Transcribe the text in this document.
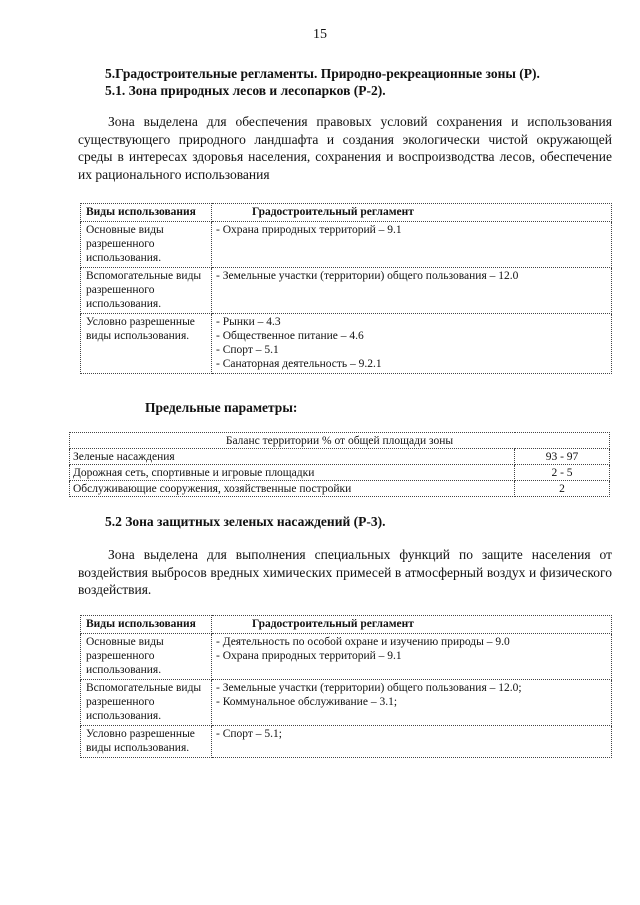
15
5.Градостроительные регламенты. Природно-рекреационные зоны (Р).
5.1. Зона природных лесов и лесопарков (Р-2).
Зона выделена для обеспечения правовых условий сохранения и использования существующего природного ландшафта и создания экологически чистой окружающей среды в интересах здоровья населения, сохранения и воспроизводства лесов, обеспечение их рационального использования
Виды использования	Градостроительный регламент
Основные виды разрешенного использования.	- Охрана природных территорий – 9.1

Вспомогательные виды разрешенного использования.	- Земельные участки (территории) общего пользования – 12.0

Условно разрешенные виды использования.	- Рынки – 4.3
- Общественное питание – 4.6
- Спорт – 5.1
- Санаторная деятельность – 9.2.1
Предельные параметры:
Баланс территории % от общей площади зоны	
Зеленые насаждения	93 - 97
Дорожная сеть, спортивные и игровые площадки	2 - 5
Обслуживающие сооружения, хозяйственные постройки	2
5.2 Зона защитных зеленых насаждений (Р-3).
Зона выделена для выполнения специальных функций по защите населения от воздействия выбросов вредных химических примесей в атмосферный воздух и физического воздействия.
Виды использования	Градостроительный регламент
Основные виды разрешенного использования.	- Деятельность по особой охране и изучению природы – 9.0
- Охрана природных территорий – 9.1

Вспомогательные виды разрешенного использования.	- Земельные участки (территории) общего пользования – 12.0;
- Коммунальное обслуживание – 3.1;

Условно разрешенные виды использования.	- Спорт – 5.1;
